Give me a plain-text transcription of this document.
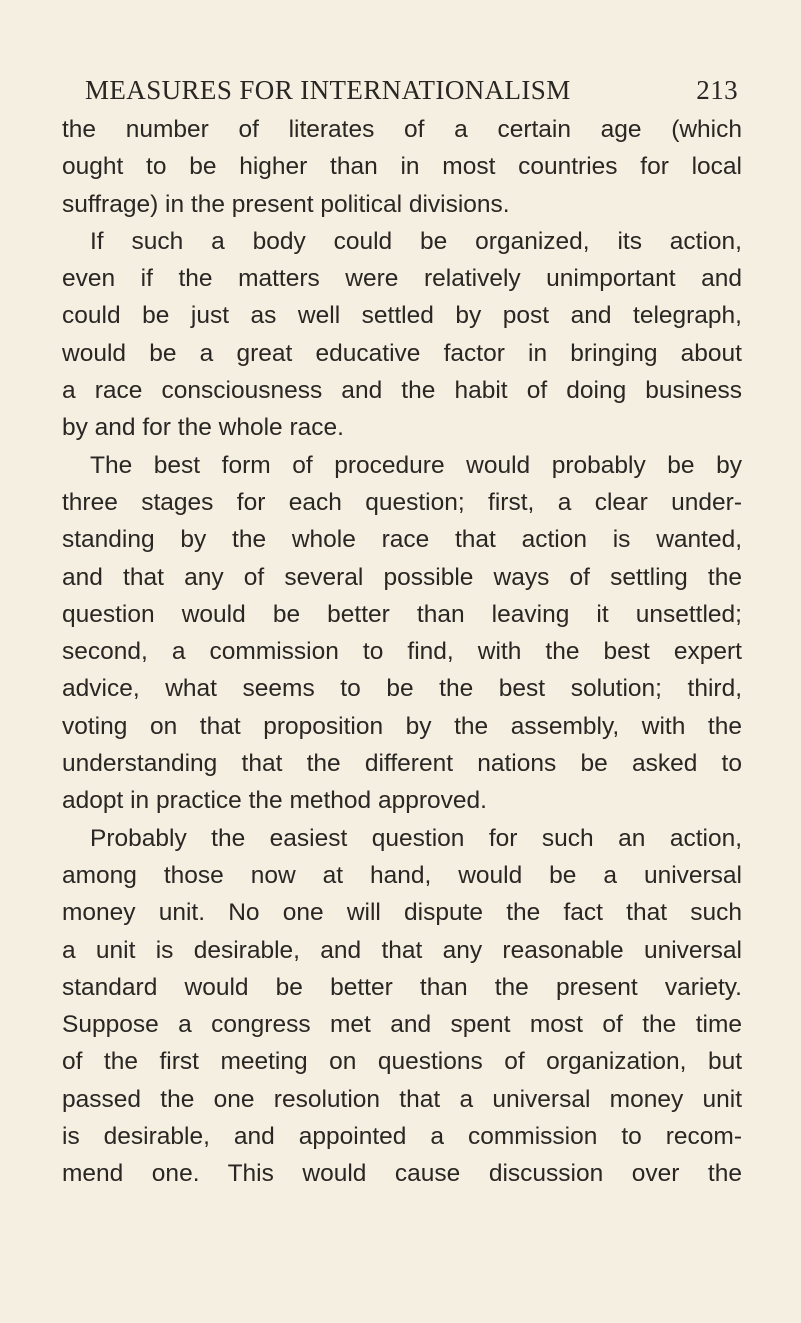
MEASURES FOR INTERNATIONALISM	213
the number of literates of a certain age (which
ought to be higher than in most countries for local
suffrage) in the present political divisions.
If such a body could be organized, its action,
even if the matters were relatively unimportant and
could be just as well settled by post and telegraph,
would be a great educative factor in bringing about
a race consciousness and the habit of doing business
by and for the whole race.
The best form of procedure would probably be by
three stages for each question; first, a clear under-
standing by the whole race that action is wanted,
and that any of several possible ways of settling the
question would be better than leaving it unsettled;
second, a commission to find, with the best expert
advice, what seems to be the best solution; third,
voting on that proposition by the assembly, with the
understanding that the different nations be asked to
adopt in practice the method approved.
Probably the easiest question for such an action,
among those now at hand, would be a universal
money unit. No one will dispute the fact that such
a unit is desirable, and that any reasonable universal
standard would be better than the present variety.
Suppose a congress met and spent most of the time
of the first meeting on questions of organization, but
passed the one resolution that a universal money unit
is desirable, and appointed a commission to recom-
mend one. This would cause discussion over the
